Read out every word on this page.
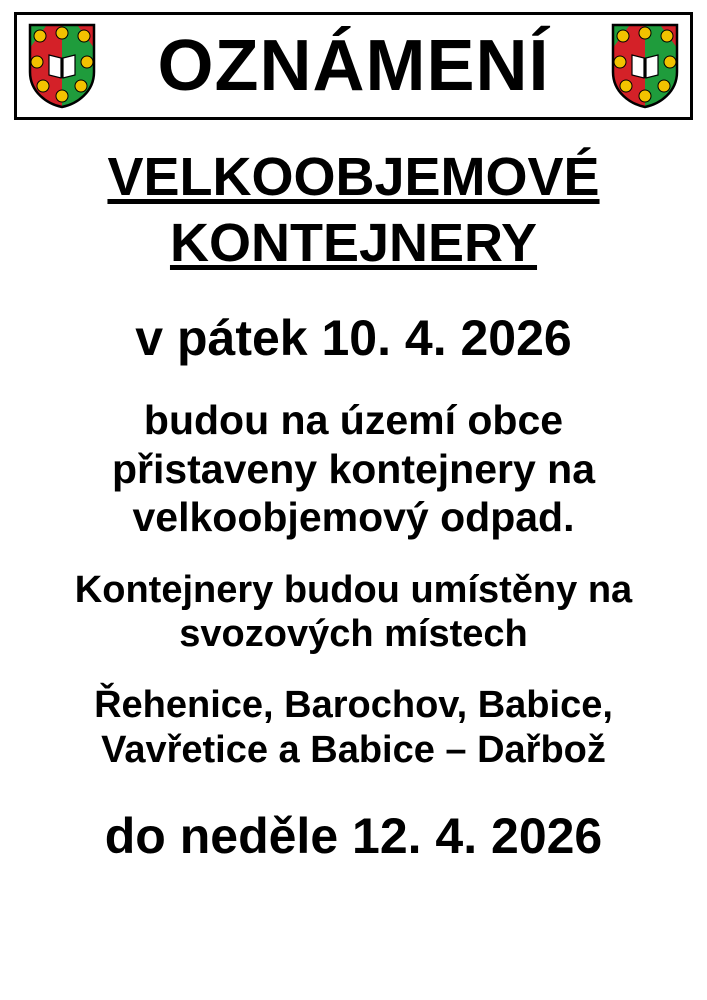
OZNÁMENÍ
VELKOOBJEMOVÉ
KONTEJNERY
v pátek 10. 4. 2026
budou na území obce
přistaveny kontejnery na
velkoobjemový odpad.
Kontejnery budou umístěny na
svozových místech
Řehenice, Barochov, Babice,
Vavřetice a Babice – Dařbož
do neděle 12. 4. 2026
